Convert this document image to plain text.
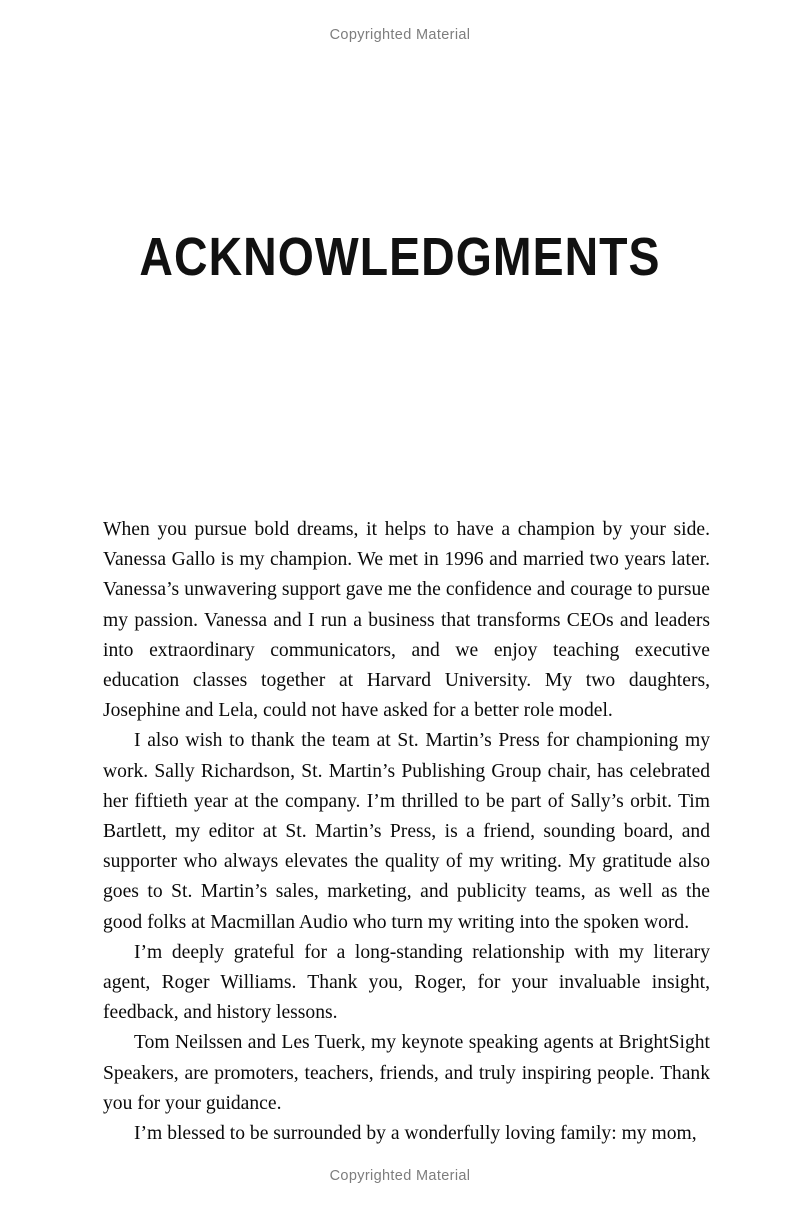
Copyrighted Material
ACKNOWLEDGMENTS

When you pursue bold dreams, it helps to have a champion by your side. Vanessa Gallo is my champion. We met in 1996 and married two years later. Vanessa’s unwavering support gave me the confidence and courage to pursue my passion. Vanessa and I run a business that transforms CEOs and leaders into extraordinary communicators, and we enjoy teaching executive education classes together at Harvard University. My two daughters, Josephine and Lela, could not have asked for a better role model.

I also wish to thank the team at St. Martin’s Press for championing my work. Sally Richardson, St. Martin’s Publishing Group chair, has celebrated her fiftieth year at the company. I’m thrilled to be part of Sally’s orbit. Tim Bartlett, my editor at St. Martin’s Press, is a friend, sounding board, and supporter who always elevates the quality of my writing. My gratitude also goes to St. Martin’s sales, marketing, and publicity teams, as well as the good folks at Macmillan Audio who turn my writing into the spoken word.

I’m deeply grateful for a long-standing relationship with my literary agent, Roger Williams. Thank you, Roger, for your invaluable insight, feedback, and history lessons.

Tom Neilssen and Les Tuerk, my keynote speaking agents at BrightSight Speakers, are promoters, teachers, friends, and truly inspiring people. Thank you for your guidance.

I’m blessed to be surrounded by a wonderfully loving family: my mom,

Copyrighted Material
